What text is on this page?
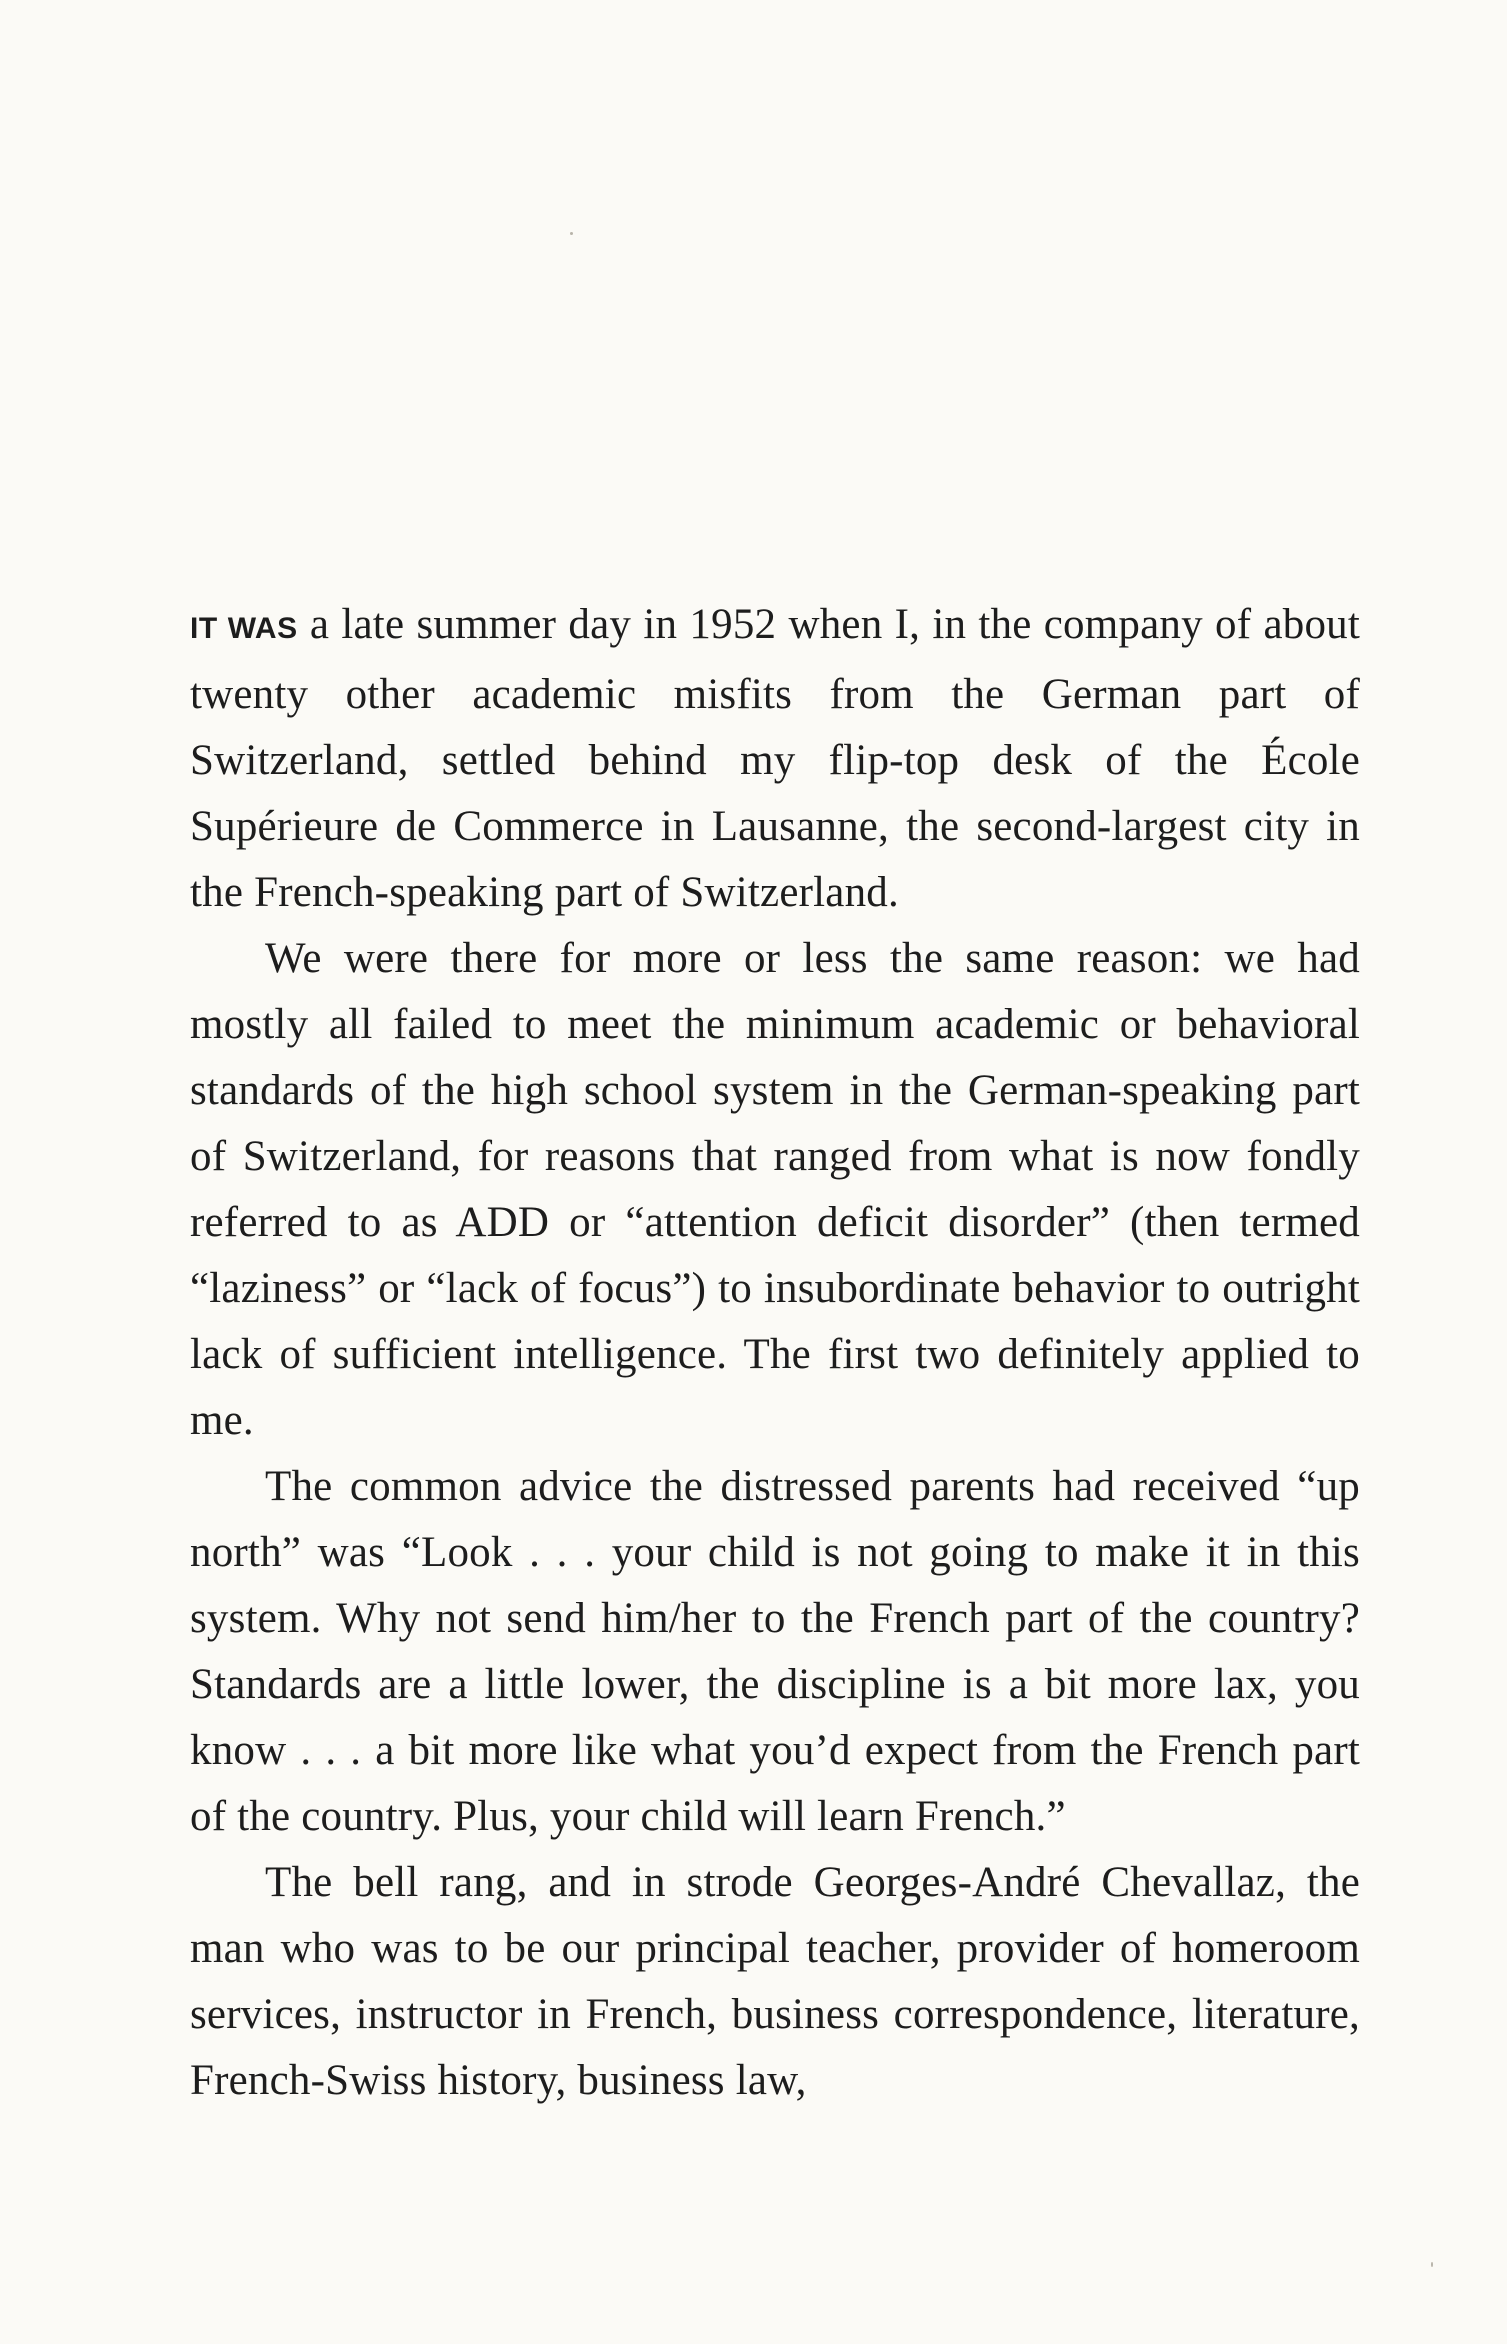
IT WAS a late summer day in 1952 when I, in the company of about twenty other academic misfits from the German part of Switzerland, settled behind my flip-top desk of the École Supérieure de Commerce in Lausanne, the second-largest city in the French-speaking part of Switzerland.

We were there for more or less the same reason: we had mostly all failed to meet the minimum academic or behavioral standards of the high school system in the German-speaking part of Switzerland, for reasons that ranged from what is now fondly referred to as ADD or “attention deficit disorder” (then termed “laziness” or “lack of focus”) to insubordinate behavior to outright lack of sufficient intelligence. The first two definitely applied to me.

The common advice the distressed parents had received “up north” was “Look . . . your child is not going to make it in this system. Why not send him/her to the French part of the country? Standards are a little lower, the discipline is a bit more lax, you know . . . a bit more like what you’d expect from the French part of the country. Plus, your child will learn French.”

The bell rang, and in strode Georges-André Chevallaz, the man who was to be our principal teacher, provider of homeroom services, instructor in French, business correspondence, literature, French-Swiss history, business law,
